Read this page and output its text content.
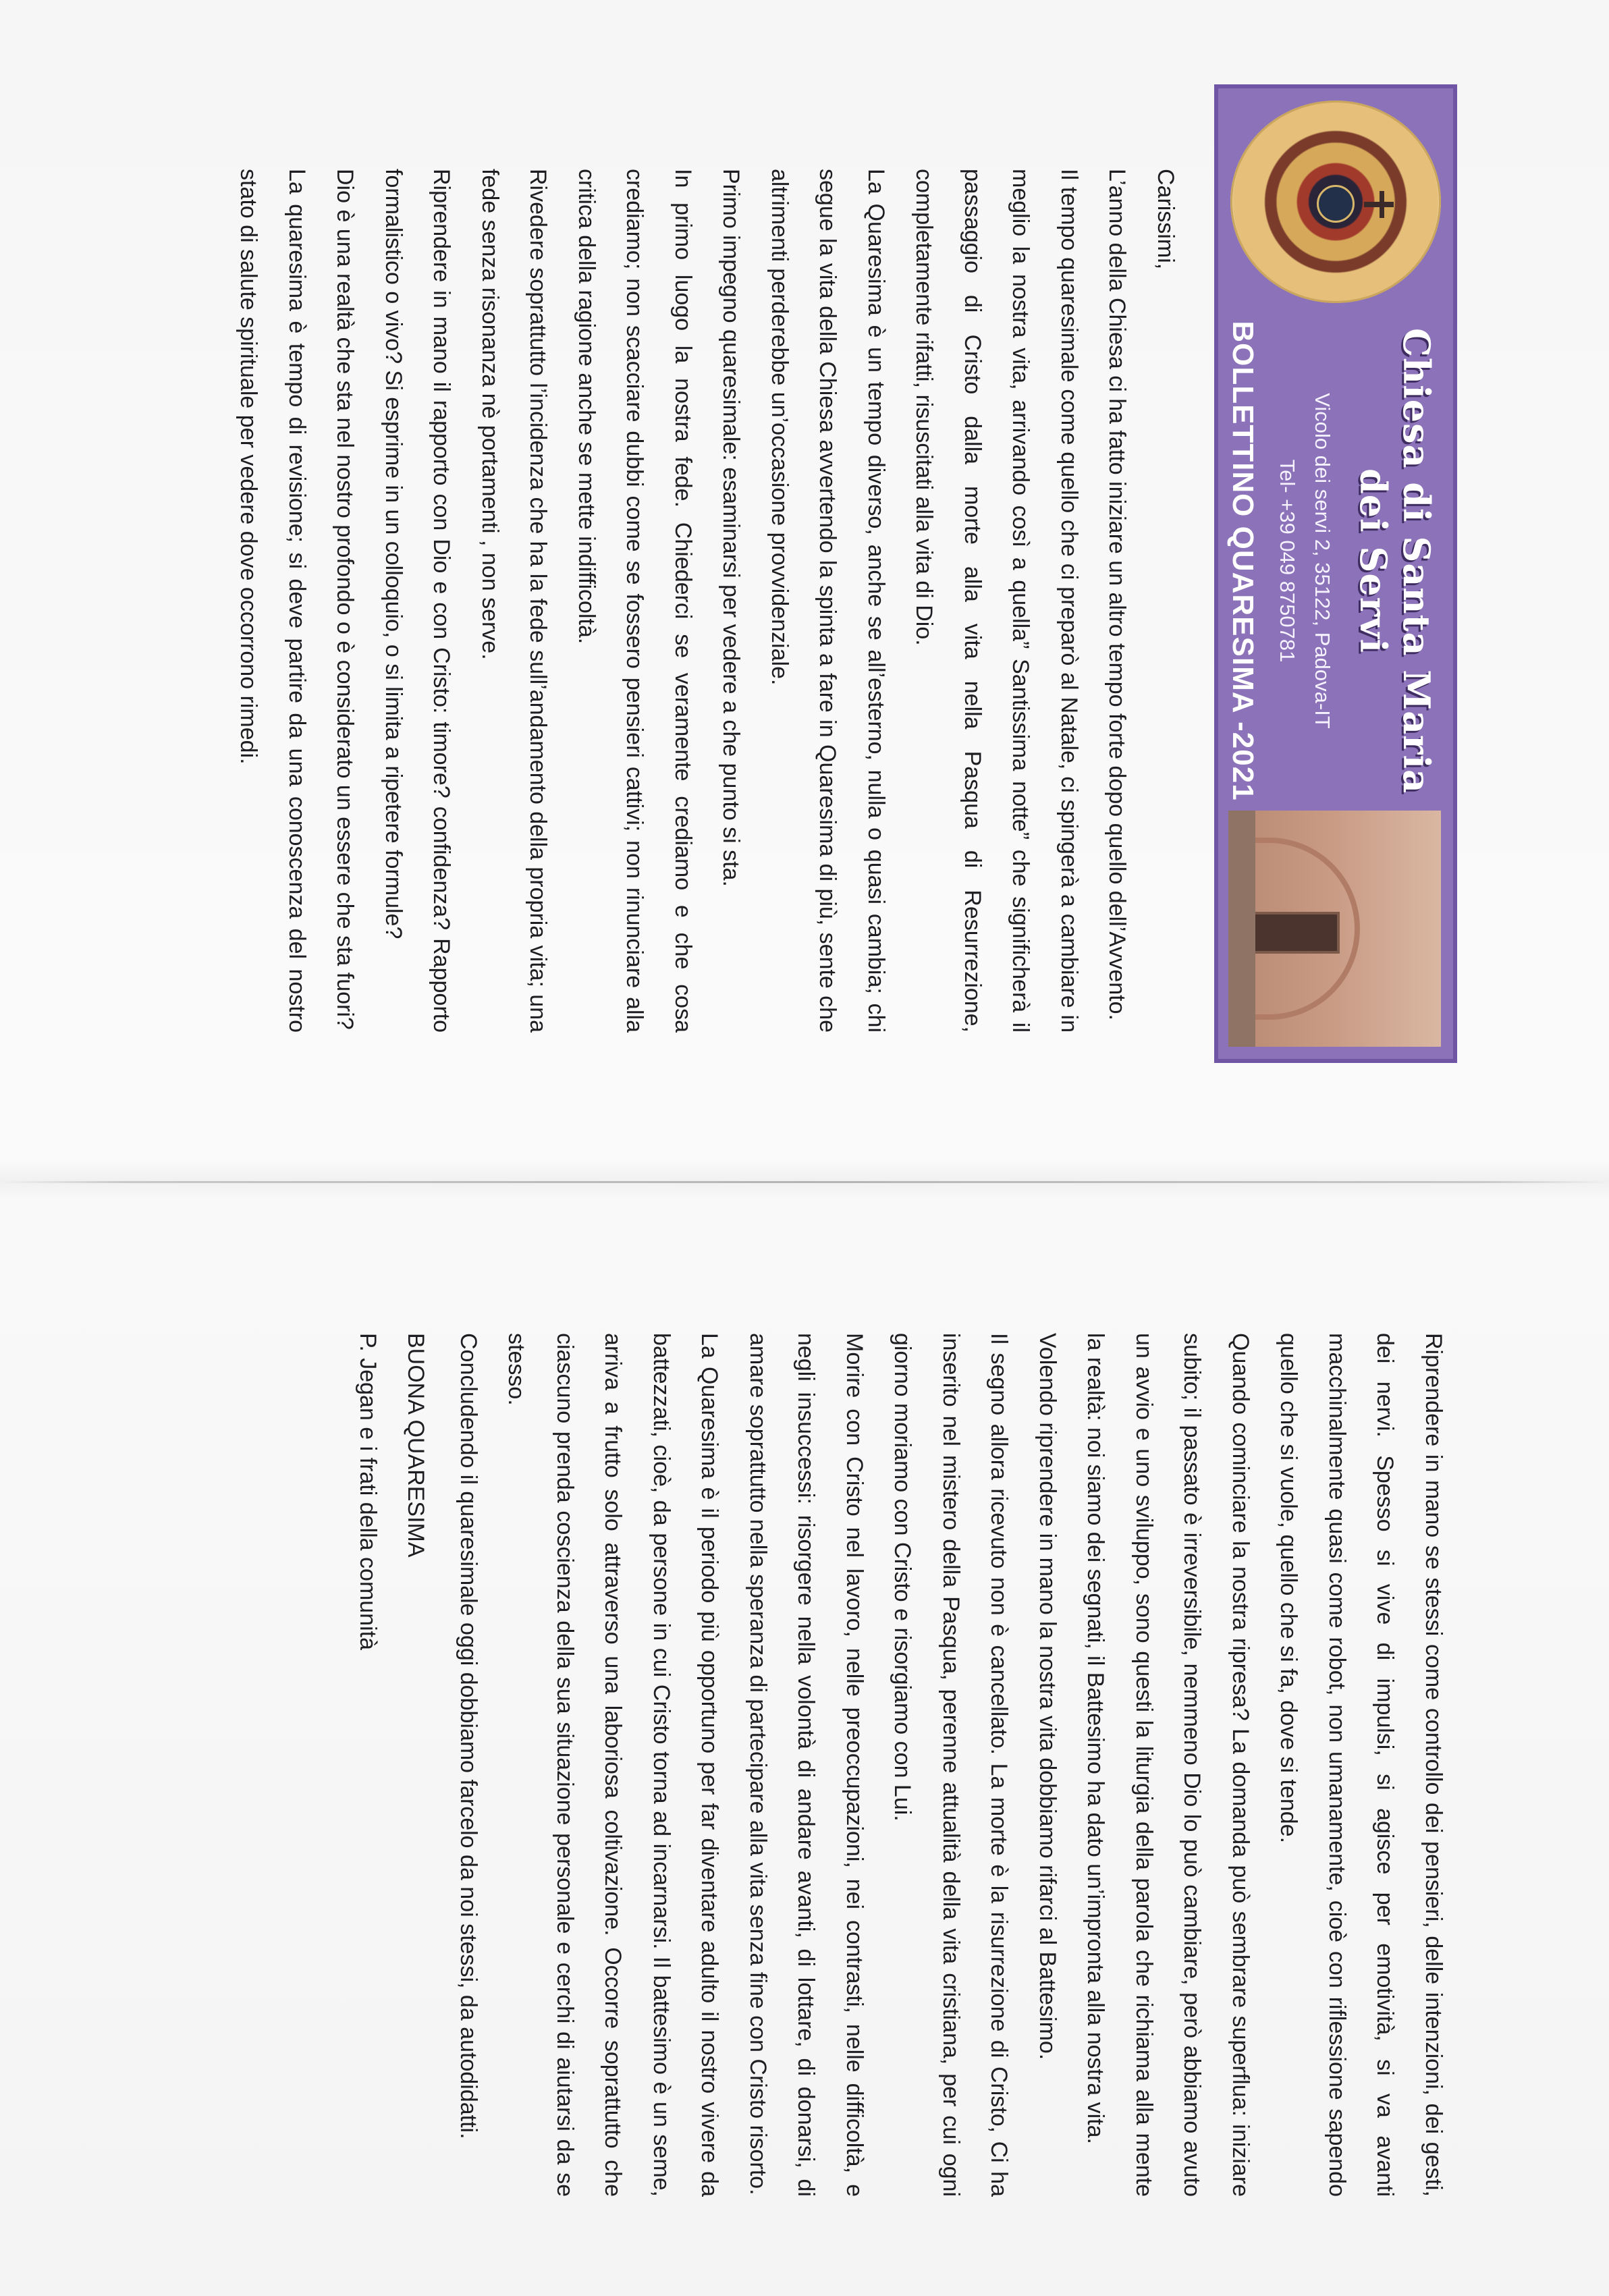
Chiesa di Santa Maria dei Servi

Vicolo dei servi 2, 35122, Padova-IT

Tel- +39 049 8750781

BOLLETTINO QUARESIMA -2021

Carissimi,

L’anno della Chiesa ci ha fatto iniziare un altro tempo forte dopo quello dell’Avvento.

Il tempo quaresimale come quello che ci preparò al Natale, ci spingerà a cambiare in meglio la nostra vita, arrivando così a quella” Santissima notte” che significherà il passaggio di Cristo dalla morte alla vita nella Pasqua di Resurrezione, completamente rifatti, risuscitati alla vita di Dio.

La Quaresima è un tempo diverso, anche se all’esterno, nulla o quasi cambia; chi segue la vita della Chiesa avvertendo la spinta a fare in Quaresima di più, sente che altrimenti perderebbe un’occasione provvidenziale.

Primo impegno quaresimale: esaminarsi per vedere a che punto si sta.

In primo luogo la nostra fede. Chiederci se veramente crediamo e che cosa crediamo; non scacciare dubbi come se fossero pensieri cattivi; non rinunciare alla critica della ragione anche se mette indifficoltà.

Rivedere soprattutto l’incidenza che ha la fede sull’andamento della propria vita; una fede senza risonanza nè portamenti , non serve.

Riprendere in mano il rapporto con Dio e con Cristo: timore? confidenza? Rapporto formalistico o vivo? Si esprime in un colloquio, o si limita a ripetere formule?

Dio è una realtà che sta nel nostro profondo o è considerato un essere che sta fuori?

La quaresima è tempo di revisione; si deve partire da una conoscenza del nostro stato di salute spirituale per vedere dove occorrono rimedi.

Riprendere in mano se stessi come controllo dei pensieri, delle intenzioni, dei gesti, dei nervi. Spesso si vive di impulsi, si agisce per emotività, si va avanti macchinalmente quasi come robot, non umanamente, cioè con riflessione sapendo quello che si vuole, quello che si fa, dove si tende.

Quando cominciare la nostra ripresa? La domanda può sembrare superflua: iniziare subito; il passato è irreversibile, nemmeno Dio lo può cambiare, però abbiamo avuto un avvio e uno sviluppo, sono questi la liturgia della parola che richiama alla mente la realtà: noi siamo dei segnati, il Battesimo ha dato un’impronta alla nostra vita.

Volendo riprendere in mano la nostra vita dobbiamo rifarci al Battesimo.

Il segno allora ricevuto non è cancellato. La morte è la risurrezione di Cristo, Ci ha inserito nel mistero della Pasqua, perenne attualità della vita cristiana, per cui ogni giorno moriamo con Cristo e risorgiamo con Lui.

Morire con Cristo nel lavoro, nelle preoccupazioni, nei contrasti, nelle difficoltà, e negli insuccessi: risorgere nella volontà di andare avanti, di lottare, di donarsi, di amare soprattutto nella speranza di partecipare alla vita senza fine con Cristo risorto.

La Quaresima è il periodo più opportuno per far diventare adulto il nostro vivere da battezzati, cioè, da persone in cui Cristo torna ad incarnarsi. Il battesimo è un seme, arriva a frutto solo attraverso una laboriosa coltivazione. Occorre soprattutto che ciascuno prenda coscienza della sua situazione personale e cerchi di aiutarsi da se stesso.

Concludendo il quaresimale oggi dobbiamo farcelo da noi stessi, da autodidatti.

BUONA QUARESIMA

P. Jegan e i frati della comunità
